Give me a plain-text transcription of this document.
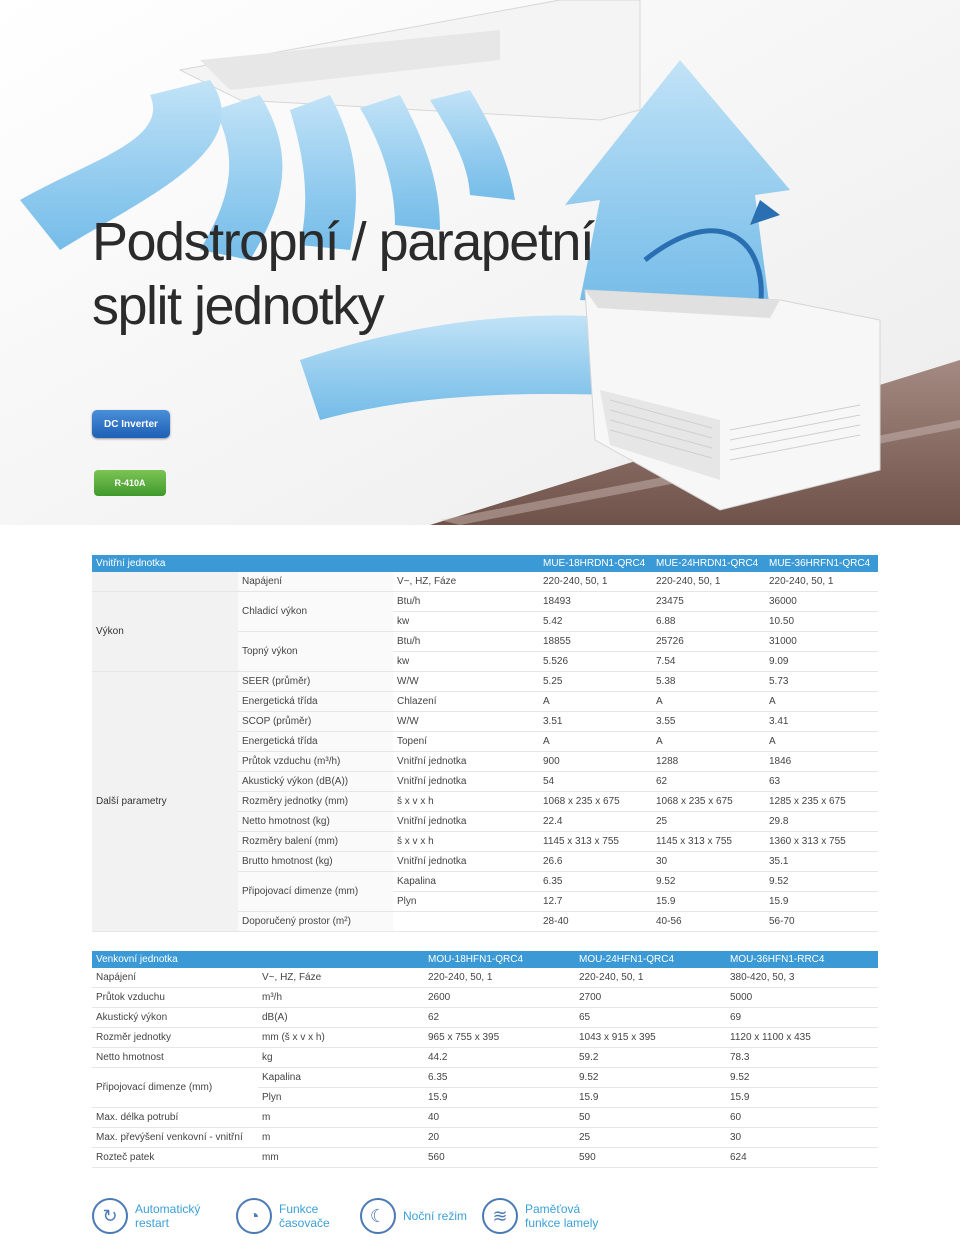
Podstropní / parapetní
split jednotky
DC Inverter
R-410A
Vnitřní jednotka			MUE-18HRDN1-QRC4	MUE-24HRDN1-QRC4	MUE-36HRFN1-QRC4
	Napájení	V~, HZ, Fáze	220-240, 50, 1	220-240, 50, 1	220-240, 50, 1
Výkon	Chladicí výkon	Btu/h	18493	23475	36000
		kw	5.42	6.88	10.50
	Topný výkon	Btu/h	18855	25726	31000
		kw	5.526	7.54	9.09
Další parametry	SEER (průměr)	W/W	5.25	5.38	5.73
	Energetická třída	Chlazení	A	A	A
	SCOP (průměr)	W/W	3.51	3.55	3.41
	Energetická třída	Topení	A	A	A
	Průtok vzduchu (m³/h)	Vnitřní jednotka	900	1288	1846
	Akustický výkon (dB(A))	Vnitřní jednotka	54	62	63
	Rozměry jednotky (mm)	š x v x h	1068 x 235 x 675	1068 x 235 x 675	1285 x 235 x 675
	Netto hmotnost (kg)	Vnitřní jednotka	22.4	25	29.8
	Rozměry balení (mm)	š x v x h	1145 x 313 x 755	1145 x 313 x 755	1360 x 313 x 755
	Brutto hmotnost (kg)	Vnitřní jednotka	26.6	30	35.1
	Připojovací dimenze (mm)	Kapalina	6.35	9.52	9.52
		Plyn	12.7	15.9	15.9
	Doporučený prostor (m²)		28-40	40-56	56-70
Venkovní jednotka		MOU-18HFN1-QRC4	MOU-24HFN1-QRC4	MOU-36HFN1-RRC4
Napájení	V~, HZ, Fáze	220-240, 50, 1	220-240, 50, 1	380-420, 50, 3
Průtok vzduchu	m³/h	2600	2700	5000
Akustický výkon	dB(A)	62	65	69
Rozměr jednotky	mm (š x v x h)	965 x 755 x 395	1043 x 915 x 395	1120 x 1100 x 435
Netto hmotnost	kg	44.2	59.2	78.3
Připojovací dimenze (mm)	Kapalina	6.35	9.52	9.52
	Plyn	15.9	15.9	15.9
Max. délka potrubí	m	40	50	60
Max. převýšení venkovní - vnitřní	m	20	25	30
Rozteč patek	mm	560	590	624
↻	Automatický restart	◔	Funkce časovače	☾	Noční režim	≋	Paměťová funkce lamely
